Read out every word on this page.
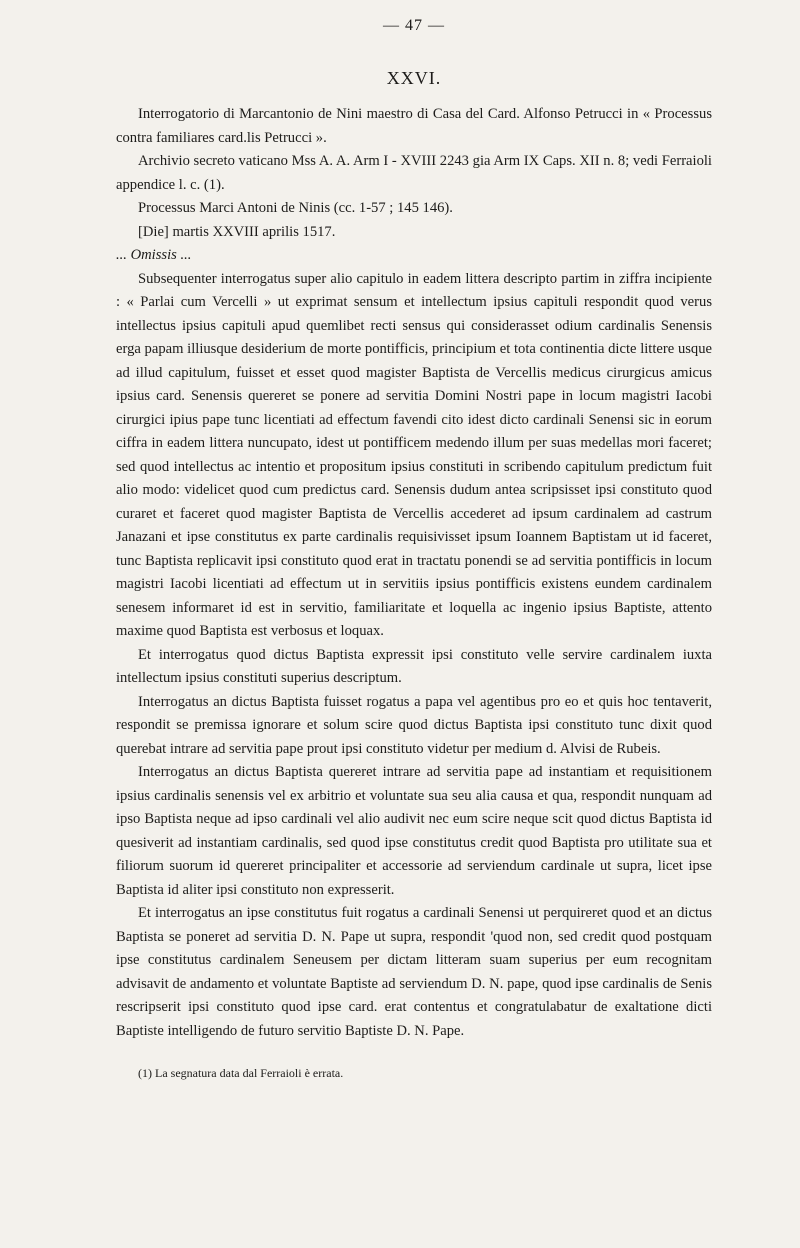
— 47 —

XXVI.

Interrogatorio di Marcantonio de Nini maestro di Casa del Card. Alfonso Petrucci in « Processus contra familiares card.lis Petrucci ».

Archivio secreto vaticano Mss A. A. Arm I - XVIII 2243 gia Arm IX Caps. XII n. 8; vedi Ferraioli appendice l. c. (1).

Processus Marci Antoni de Ninis (cc. 1-57 ; 145 146).

[Die] martis XXVIII aprilis 1517.

... Omissis ...

Subsequenter interrogatus super alio capitulo in eadem littera descripto partim in ziffra incipiente : « Parlai cum Vercelli » ut exprimat sensum et intellectum ipsius capituli respondit quod verus intellectus ipsius capituli apud quemlibet recti sensus qui considerasset odium cardinalis Senensis erga papam illiusque desiderium de morte pontifficis, principium et tota continentia dicte littere usque ad illud capitulum, fuisset et esset quod magister Baptista de Vercellis medicus cirurgicus amicus ipsius card. Senensis quereret se ponere ad servitia Domini Nostri pape in locum magistri Iacobi cirurgici ipius pape tunc licentiati ad effectum favendi cito idest dicto cardinali Senensi sic in eorum ciffra in eadem littera nuncupato, idest ut pontifficem medendo illum per suas medellas mori faceret; sed quod intellectus ac intentio et propositum ipsius constituti in scribendo capitulum predictum fuit alio modo: videlicet quod cum predictus card. Senensis dudum antea scripsisset ipsi constituto quod curaret et faceret quod magister Baptista de Vercellis accederet ad ipsum cardinalem ad castrum Janazani et ipse constitutus ex parte cardinalis requisivisset ipsum Ioannem Baptistam ut id faceret, tunc Baptista replicavit ipsi constituto quod erat in tractatu ponendi se ad servitia pontifficis in locum magistri Iacobi licentiati ad effectum ut in servitiis ipsius pontifficis existens eundem cardinalem senesem informaret id est in servitio, familiaritate et loquella ac ingenio ipsius Baptiste, attento maxime quod Baptista est verbosus et loquax.

Et interrogatus quod dictus Baptista expressit ipsi constituto velle servire cardinalem iuxta intellectum ipsius constituti superius descriptum.

Interrogatus an dictus Baptista fuisset rogatus a papa vel agentibus pro eo et quis hoc tentaverit, respondit se premissa ignorare et solum scire quod dictus Baptista ipsi constituto tunc dixit quod querebat intrare ad servitia pape prout ipsi constituto videtur per medium d. Alvisi de Rubeis.

Interrogatus an dictus Baptista quereret intrare ad servitia pape ad instantiam et requisitionem ipsius cardinalis senensis vel ex arbitrio et voluntate sua seu alia causa et qua, respondit nunquam ad ipso Baptista neque ad ipso cardinali vel alio audivit nec eum scire neque scit quod dictus Baptista id quesiverit ad instantiam cardinalis, sed quod ipse constitutus credit quod Baptista pro utilitate sua et filiorum suorum id quereret principaliter et accessorie ad serviendum cardinale ut supra, licet ipse Baptista id aliter ipsi constituto non expresserit.

Et interrogatus an ipse constitutus fuit rogatus a cardinali Senensi ut perquireret quod et an dictus Baptista se poneret ad servitia D. N. Pape ut supra, respondit 'quod non, sed credit quod postquam ipse constitutus cardinalem Seneusem per dictam litteram suam superius per eum recognitam advisavit de andamento et voluntate Baptiste ad serviendum D. N. pape, quod ipse cardinalis de Senis rescripserit ipsi constituto quod ipse card. erat contentus et congratulabatur de exaltatione dicti Baptiste intelligendo de futuro servitio Baptiste D. N. Pape.

(1) La segnatura data dal Ferraioli è errata.
